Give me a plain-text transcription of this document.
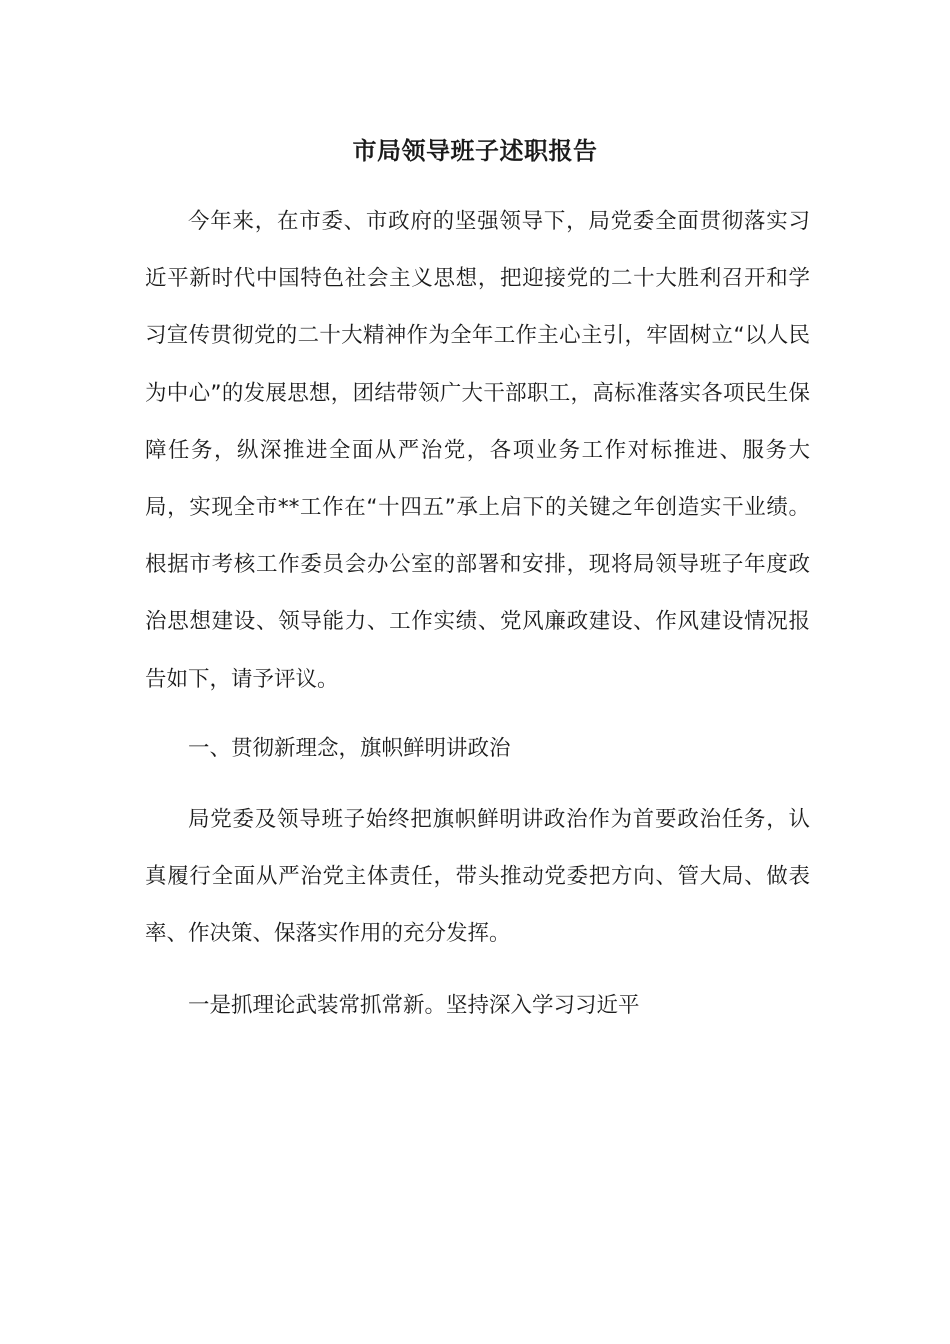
市局领导班子述职报告

今年来，在市委、市政府的坚强领导下，局党委全面贯彻落实习近平新时代中国特色社会主义思想，把迎接党的二十大胜利召开和学习宣传贯彻党的二十大精神作为全年工作主心主引，牢固树立“以人民为中心”的发展思想，团结带领广大干部职工，高标准落实各项民生保障任务，纵深推进全面从严治党，各项业务工作对标推进、服务大局，实现全市**工作在“十四五”承上启下的关键之年创造实干业绩。根据市考核工作委员会办公室的部署和安排，现将局领导班子年度政治思想建设、领导能力、工作实绩、党风廉政建设、作风建设情况报告如下，请予评议。

一、贯彻新理念，旗帜鲜明讲政治

局党委及领导班子始终把旗帜鲜明讲政治作为首要政治任务，认真履行全面从严治党主体责任，带头推动党委把方向、管大局、做表率、作决策、保落实作用的充分发挥。

一是抓理论武装常抓常新。坚持深入学习习近平
